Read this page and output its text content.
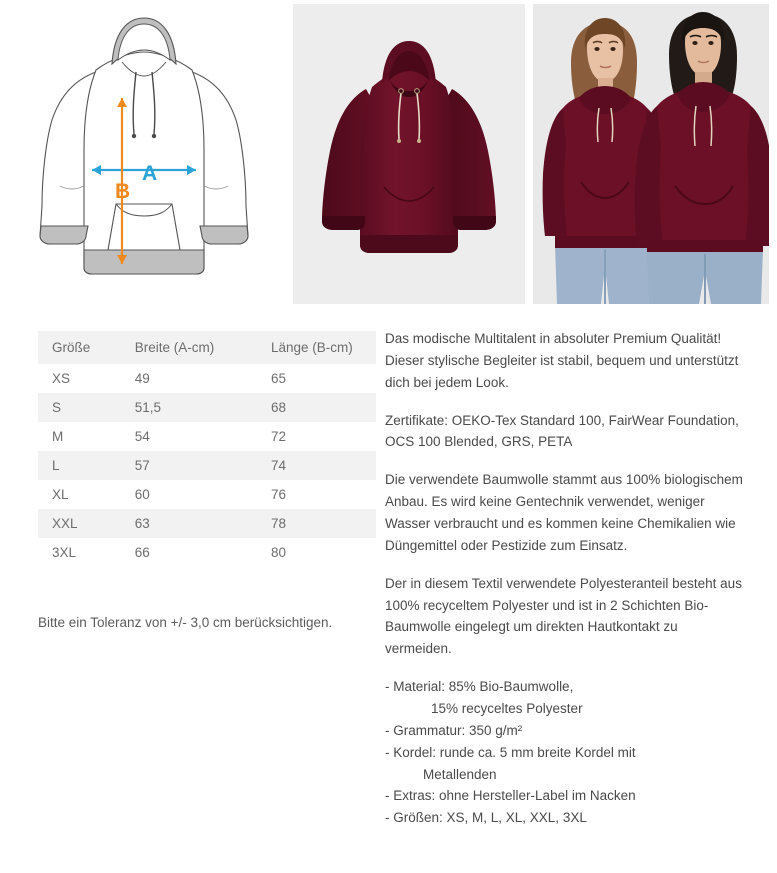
A
B
Größe	Breite (A-cm)	Länge (B-cm)
XS	49	65
S	51,5	68
M	54	72
L	57	74
XL	60	76
XXL	63	78
3XL	66	80
Bitte ein Toleranz von +/- 3,0 cm berücksichtigen.

Das modische Multitalent in absoluter Premium Qualität! Dieser stylische Begleiter ist stabil, bequem und unterstützt dich bei jedem Look.

Zertifikate: OEKO-Tex Standard 100, FairWear Foundation, OCS 100 Blended, GRS, PETA

Die verwendete Baumwolle stammt aus 100% biologischem Anbau. Es wird keine Gentechnik verwendet, weniger Wasser verbraucht und es kommen keine Chemikalien wie Düngemittel oder Pestizide zum Einsatz.

Der in diesem Textil verwendete Polyesteranteil besteht aus 100% recyceltem Polyester und ist in 2 Schichten Bio-Baumwolle eingelegt um direkten Hautkontakt zu vermeiden.

- Material: 85% Bio-Baumwolle,

15% recyceltes Polyester

- Grammatur: 350 g/m²

- Kordel: runde ca. 5 mm breite Kordel mit

Metallenden

- Extras: ohne Hersteller-Label im Nacken

- Größen: XS, M, L, XL, XXL, 3XL
